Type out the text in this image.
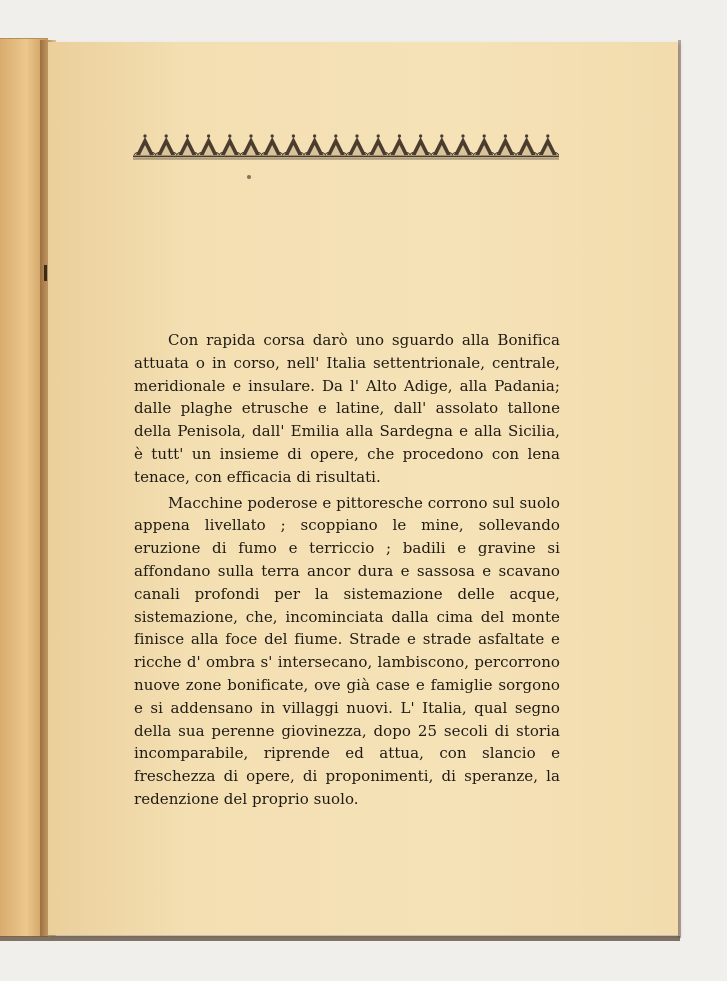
Con rapida corsa darò uno sguardo alla Bonifica attuata o in corso, nell' Italia settentrionale, centrale, meridionale e insulare. Da l' Alto Adige, alla Padania; dalle plaghe etrusche e latine, dall' assolato tallone della Penisola, dall' Emilia alla Sardegna e alla Sicilia, è tutt' un insieme di opere, che procedono con lena tenace, con efficacia di risultati.

Macchine poderose e pittoresche corrono sul suolo appena livellato ; scoppiano le mine, sollevando eruzione di fumo e terriccio ; badili e gravine si affondano sulla terra ancor dura e sassosa e scavano canali profondi per la sistemazione delle acque, sistemazione, che, incominciata dalla cima del monte finisce alla foce del fiume. Strade e strade asfaltate e ricche d' ombra s' intersecano, lambiscono, percorrono nuove zone bonificate, ove già case e famiglie sorgono e si addensano in villaggi nuovi. L' Italia, qual segno della sua perenne giovinezza, dopo 25 secoli di storia incomparabile, riprende ed attua, con slancio e freschezza di opere, di proponimenti, di speranze, la redenzione del proprio suolo.
